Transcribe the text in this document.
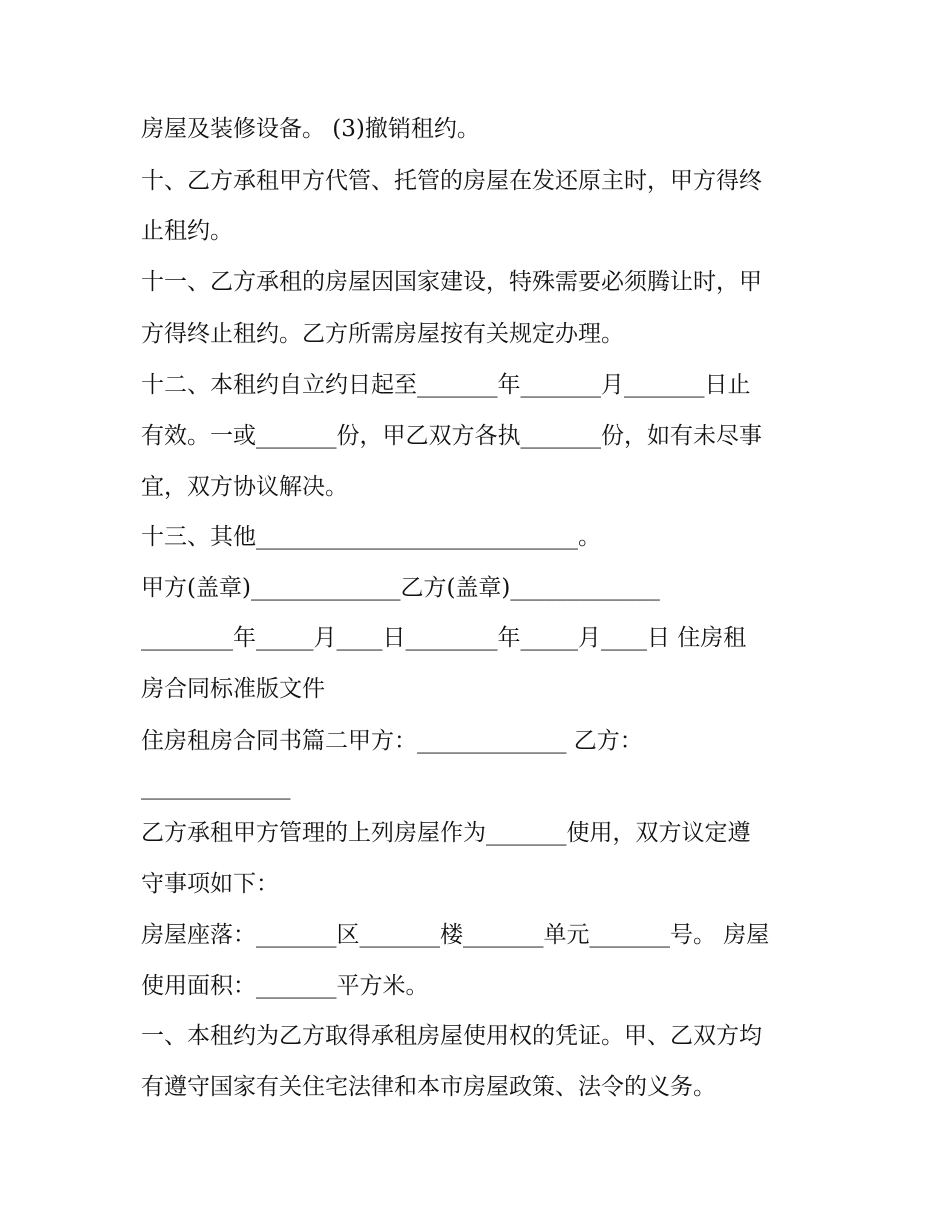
房屋及装修设备。 (3)撤销租约。
十、乙方承租甲方代管、托管的房屋在发还原主时，甲方得终
止租约。
十一、乙方承租的房屋因国家建设，特殊需要必须腾让时，甲
方得终止租约。乙方所需房屋按有关规定办理。
十二、本租约自立约日起至_______年_______月_______日止
有效。一或_______份，甲乙双方各执_______份，如有未尽事
宜，双方协议解决。
十三、其他____________________________。
甲方(盖章)_____________乙方(盖章)_____________
________年_____月____日________年_____月____日 住房租
房合同标准版文件
住房租房合同书篇二甲方：_____________ 乙方：
_____________
乙方承租甲方管理的上列房屋作为_______使用，双方议定遵
守事项如下：
房屋座落：_______区_______楼_______单元_______号。 房屋
使用面积：_______平方米。
一、本租约为乙方取得承租房屋使用权的凭证。甲、乙双方均
有遵守国家有关住宅法律和本市房屋政策、法令的义务。
